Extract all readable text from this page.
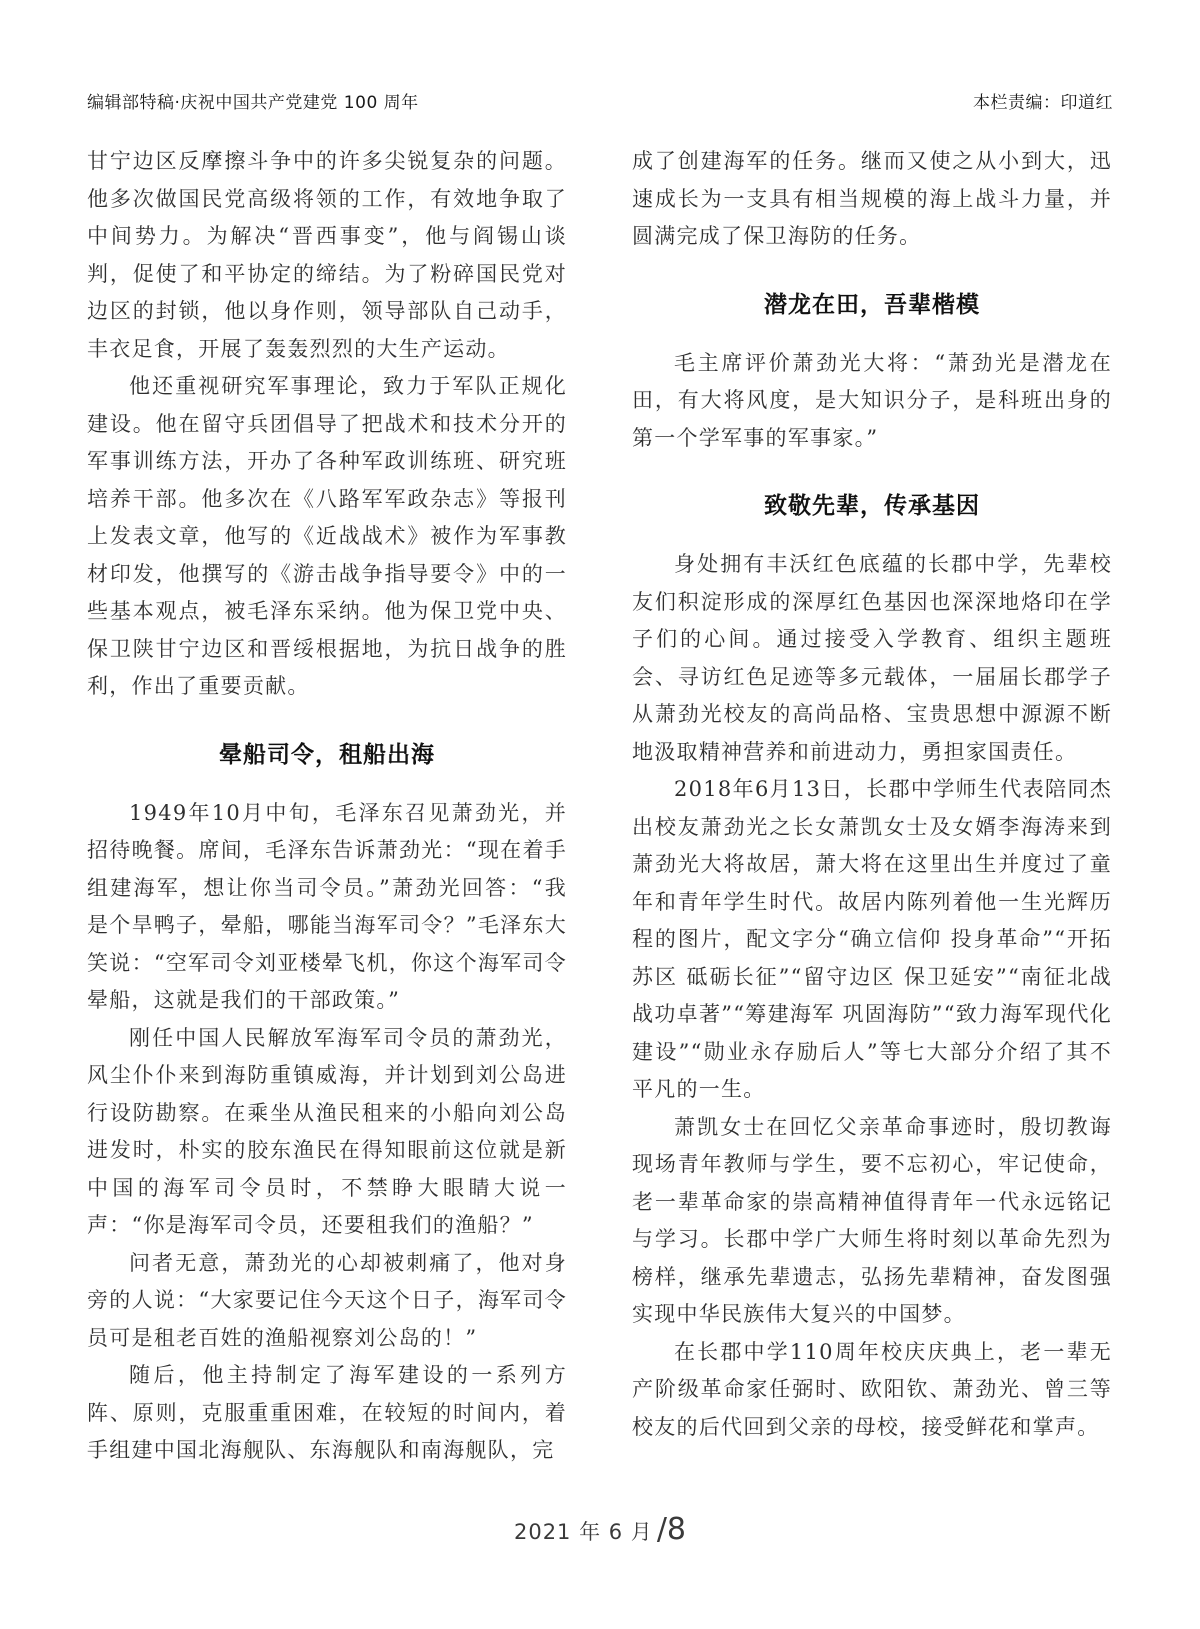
编辑部特稿·庆祝中国共产党建党 100 周年	本栏责编：印道红

甘宁边区反摩擦斗争中的许多尖锐复杂的问题。他多次做国民党高级将领的工作，有效地争取了中间势力。为解决“晋西事变”，他与阎锡山谈判，促使了和平协定的缔结。为了粉碎国民党对边区的封锁，他以身作则，领导部队自己动手，丰衣足食，开展了轰轰烈烈的大生产运动。

他还重视研究军事理论，致力于军队正规化建设。他在留守兵团倡导了把战术和技术分开的军事训练方法，开办了各种军政训练班、研究班培养干部。他多次在《八路军军政杂志》等报刊上发表文章，他写的《近战战术》被作为军事教材印发，他撰写的《游击战争指导要令》中的一些基本观点，被毛泽东采纳。他为保卫党中央、保卫陕甘宁边区和晋绥根据地，为抗日战争的胜利，作出了重要贡献。

晕船司令，租船出海

1949年10月中旬，毛泽东召见萧劲光，并招待晚餐。席间，毛泽东告诉萧劲光：“现在着手组建海军，想让你当司令员。”萧劲光回答：“我是个旱鸭子，晕船，哪能当海军司令？”毛泽东大笑说：“空军司令刘亚楼晕飞机，你这个海军司令晕船，这就是我们的干部政策。”

刚任中国人民解放军海军司令员的萧劲光，风尘仆仆来到海防重镇威海，并计划到刘公岛进行设防勘察。在乘坐从渔民租来的小船向刘公岛进发时，朴实的胶东渔民在得知眼前这位就是新中国的海军司令员时，不禁睁大眼睛大说一声：“你是海军司令员，还要租我们的渔船？”

问者无意，萧劲光的心却被刺痛了，他对身旁的人说：“大家要记住今天这个日子，海军司令员可是租老百姓的渔船视察刘公岛的！”

随后，他主持制定了海军建设的一系列方阵、原则，克服重重困难，在较短的时间内，着手组建中国北海舰队、东海舰队和南海舰队，完

成了创建海军的任务。继而又使之从小到大，迅速成长为一支具有相当规模的海上战斗力量，并圆满完成了保卫海防的任务。

潜龙在田，吾辈楷模

毛主席评价萧劲光大将：“萧劲光是潜龙在田，有大将风度，是大知识分子，是科班出身的第一个学军事的军事家。”

致敬先辈，传承基因

身处拥有丰沃红色底蕴的长郡中学，先辈校友们积淀形成的深厚红色基因也深深地烙印在学子们的心间。通过接受入学教育、组织主题班会、寻访红色足迹等多元载体，一届届长郡学子从萧劲光校友的高尚品格、宝贵思想中源源不断地汲取精神营养和前进动力，勇担家国责任。

2018年6月13日，长郡中学师生代表陪同杰出校友萧劲光之长女萧凯女士及女婿李海涛来到萧劲光大将故居，萧大将在这里出生并度过了童年和青年学生时代。故居内陈列着他一生光辉历程的图片，配文字分“确立信仰 投身革命”“开拓苏区 砥砺长征”“留守边区 保卫延安”“南征北战 战功卓著”“筹建海军 巩固海防”“致力海军现代化建设”“勋业永存励后人”等七大部分介绍了其不平凡的一生。

萧凯女士在回忆父亲革命事迹时，殷切教诲现场青年教师与学生，要不忘初心，牢记使命，老一辈革命家的崇高精神值得青年一代永远铭记与学习。长郡中学广大师生将时刻以革命先烈为榜样，继承先辈遗志，弘扬先辈精神，奋发图强实现中华民族伟大复兴的中国梦。

在长郡中学110周年校庆庆典上，老一辈无产阶级革命家任弼时、欧阳钦、萧劲光、曾三等校友的后代回到父亲的母校，接受鲜花和掌声。

2021 年 6 月 /8
